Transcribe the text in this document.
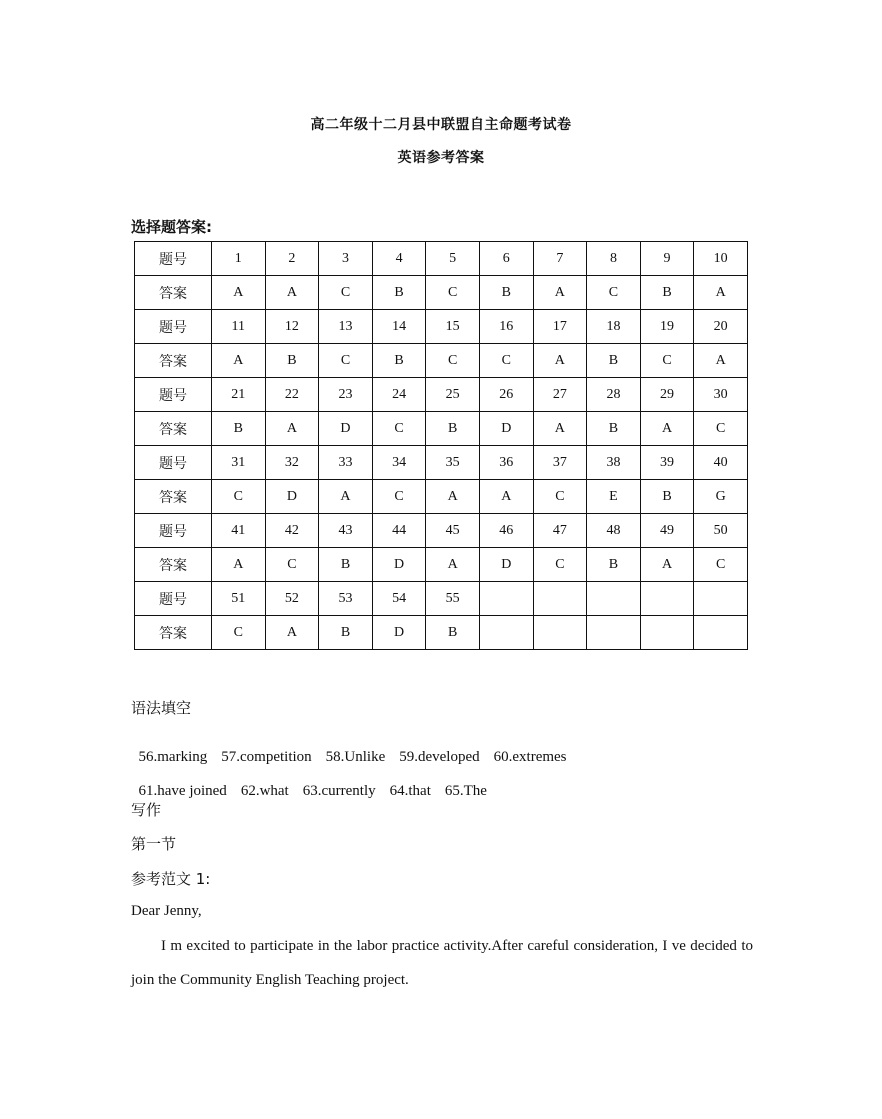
高二年级十二月县中联盟自主命题考试卷
英语参考答案
选择题答案:
题号	1	2	3	4	5	6	7	8	9	10
答案	A	A	C	B	C	B	A	C	B	A
题号	11	12	13	14	15	16	17	18	19	20
答案	A	B	C	B	C	C	A	B	C	A
题号	21	22	23	24	25	26	27	28	29	30
答案	B	A	D	C	B	D	A	B	A	C
题号	31	32	33	34	35	36	37	38	39	40
答案	C	D	A	C	A	A	C	E	B	G
题号	41	42	43	44	45	46	47	48	49	50
答案	A	C	B	D	A	D	C	B	A	C
题号	51	52	53	54	55					
答案	C	A	B	D	B					
语法填空

56.marking 57.competition 58.Unlike 59.developed 60.extremes

61.have joined 62.what 63.currently 64.that 65.The

写作
第一节
参考范文 1:
Dear Jenny,
I m excited to participate in the labor practice activity.After careful consideration, I ve decided to join the Community English Teaching project.
